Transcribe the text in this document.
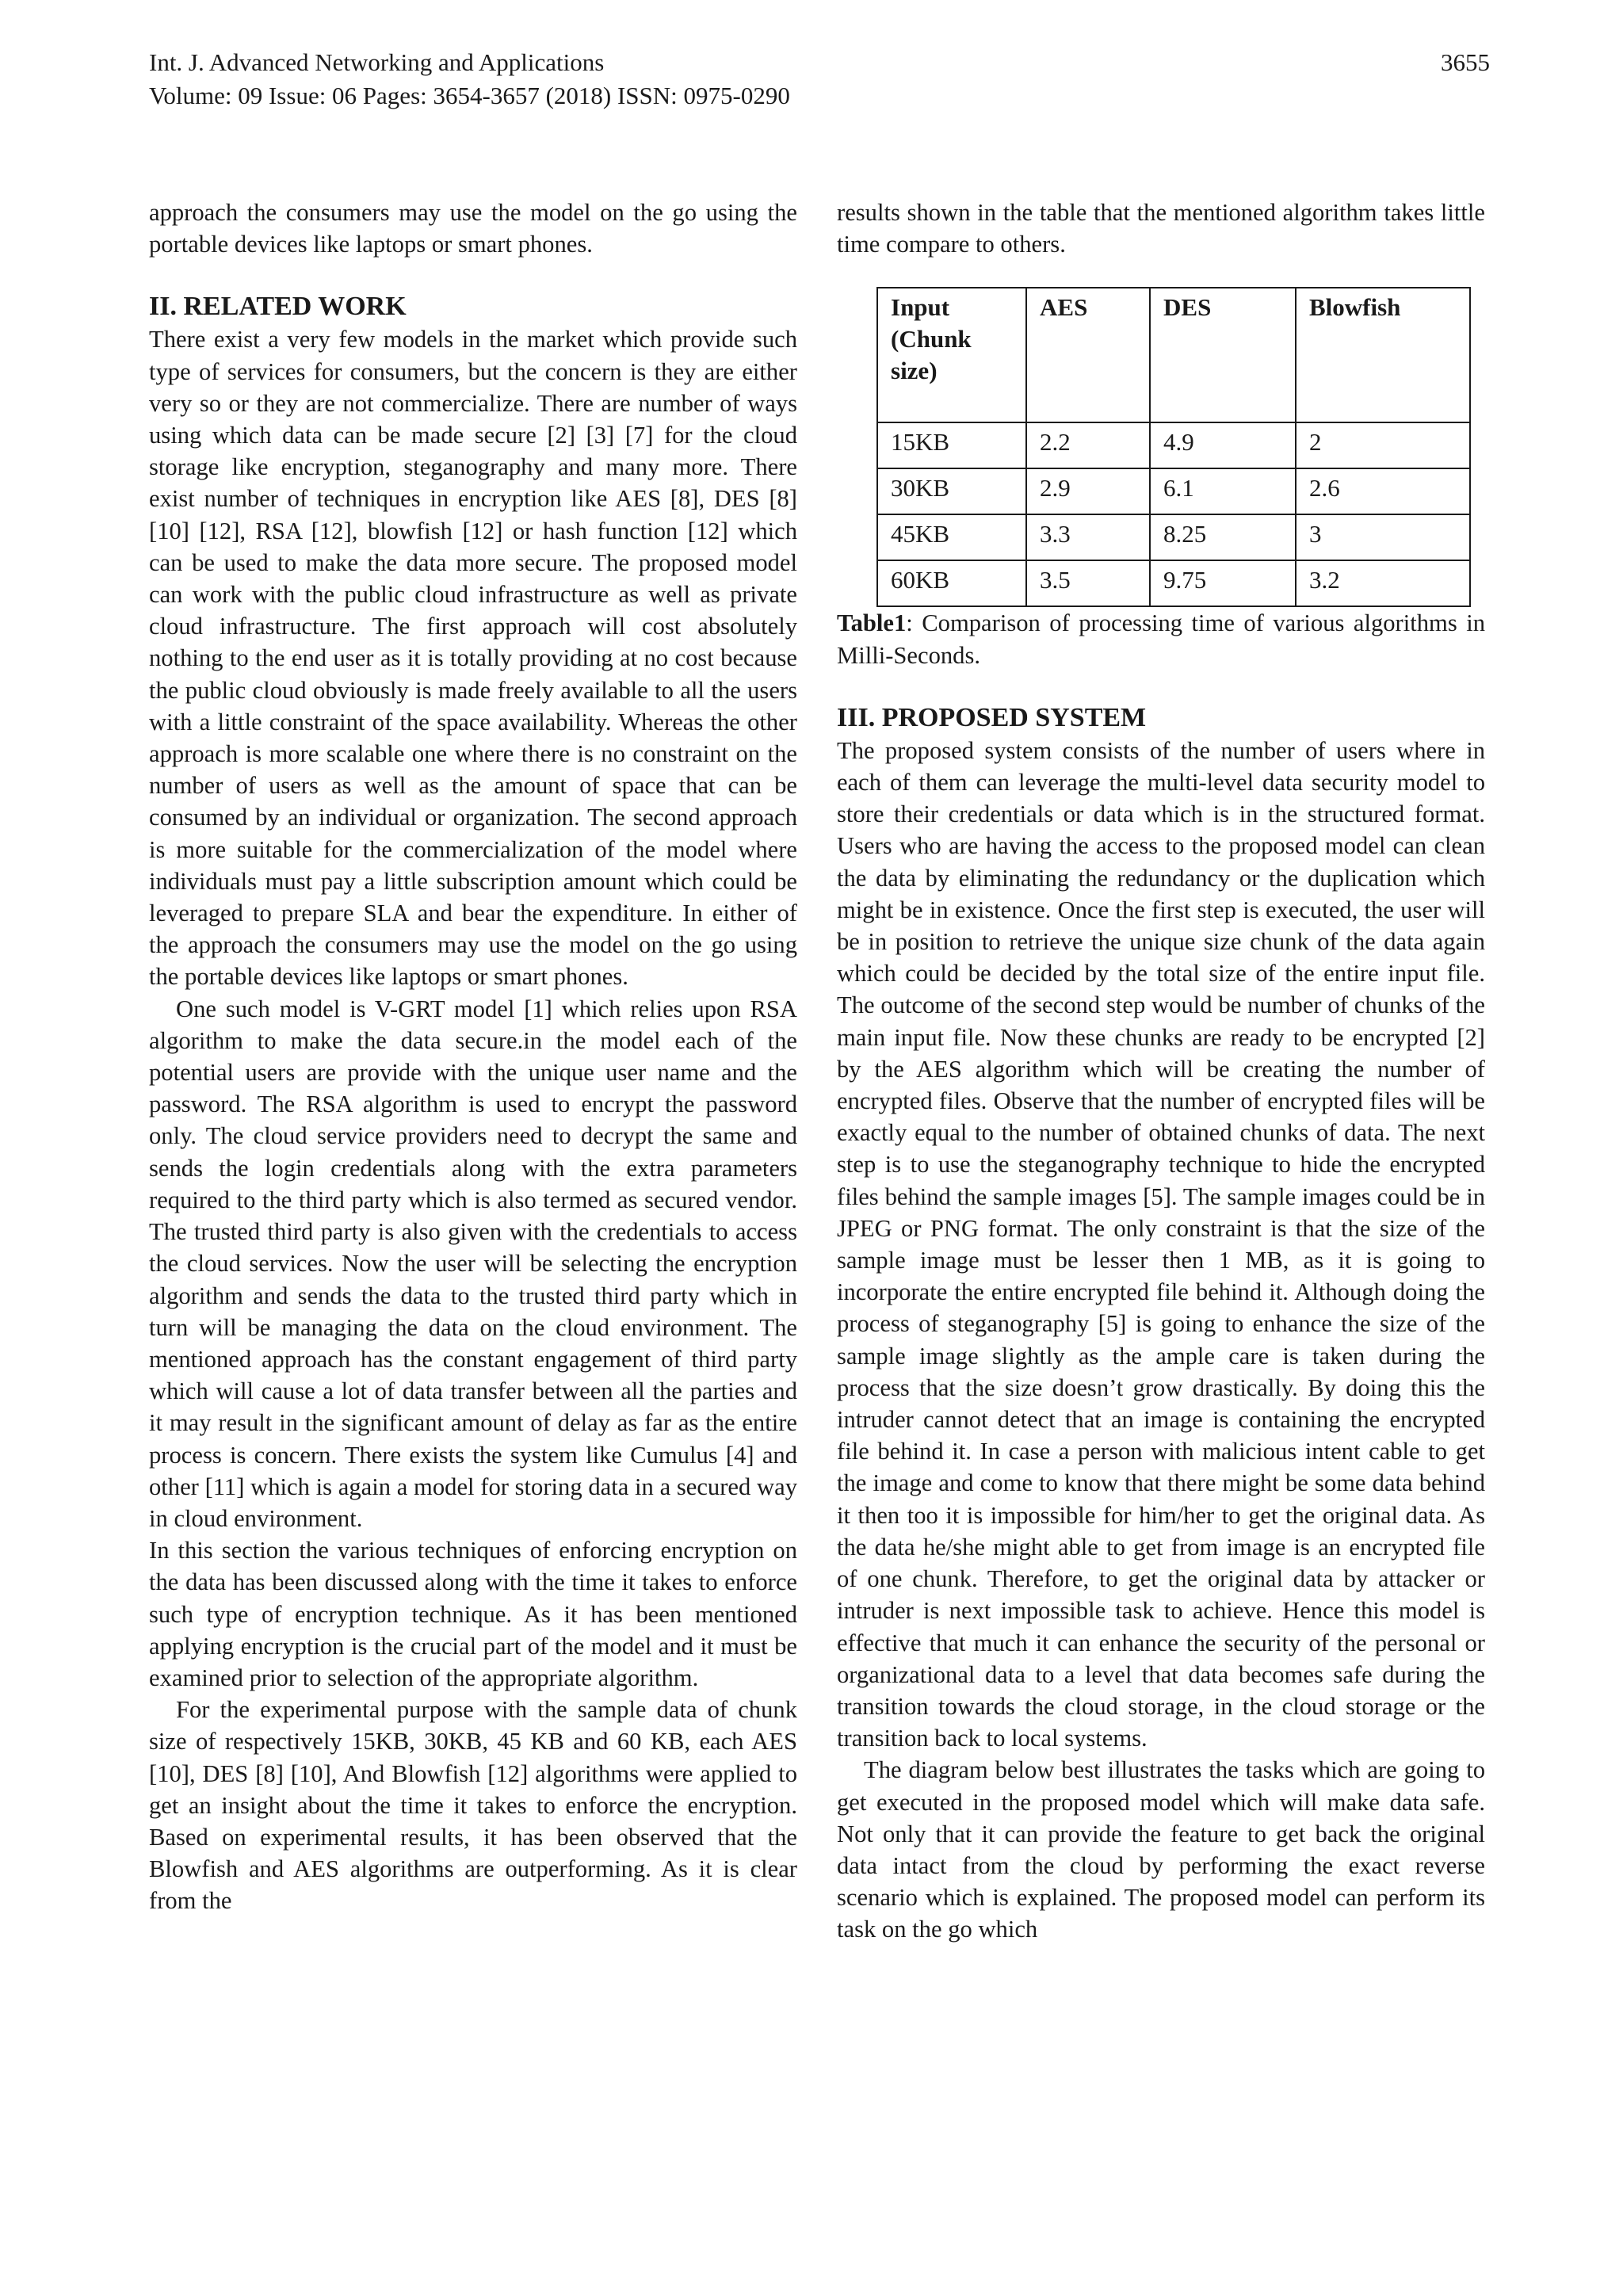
Int. J. Advanced Networking and Applications
Volume: 09 Issue: 06 Pages: 3654-3657 (2018) ISSN: 0975-0290
3655

approach the consumers may use the model on the go using the portable devices like laptops or smart phones.

II. RELATED WORK

There exist a very few models in the market which provide such type of services for consumers, but the concern is they are either very so or they are not commercialize. There are number of ways using which data can be made secure [2] [3] [7] for the cloud storage like encryption, steganography and many more. There exist number of techniques in encryption like AES [8], DES [8] [10] [12], RSA [12], blowfish [12] or hash function [12] which can be used to make the data more secure. The proposed model can work with the public cloud infrastructure as well as private cloud infrastructure. The first approach will cost absolutely nothing to the end user as it is totally providing at no cost because the public cloud obviously is made freely available to all the users with a little constraint of the space availability. Whereas the other approach is more scalable one where there is no constraint on the number of users as well as the amount of space that can be consumed by an individual or organization. The second approach is more suitable for the commercialization of the model where individuals must pay a little subscription amount which could be leveraged to prepare SLA and bear the expenditure. In either of the approach the consumers may use the model on the go using the portable devices like laptops or smart phones.

One such model is V-GRT model [1] which relies upon RSA algorithm to make the data secure.in the model each of the potential users are provide with the unique user name and the password. The RSA algorithm is used to encrypt the password only. The cloud service providers need to decrypt the same and sends the login credentials along with the extra parameters required to the third party which is also termed as secured vendor. The trusted third party is also given with the credentials to access the cloud services. Now the user will be selecting the encryption algorithm and sends the data to the trusted third party which in turn will be managing the data on the cloud environment. The mentioned approach has the constant engagement of third party which will cause a lot of data transfer between all the parties and it may result in the significant amount of delay as far as the entire process is concern. There exists the system like Cumulus [4] and other [11] which is again a model for storing data in a secured way in cloud environment.

In this section the various techniques of enforcing encryption on the data has been discussed along with the time it takes to enforce such type of encryption technique. As it has been mentioned applying encryption is the crucial part of the model and it must be examined prior to selection of the appropriate algorithm.

For the experimental purpose with the sample data of chunk size of respectively 15KB, 30KB, 45 KB and 60 KB, each AES [10], DES [8] [10], And Blowfish [12] algorithms were applied to get an insight about the time it takes to enforce the encryption. Based on experimental results, it has been observed that the Blowfish and AES algorithms are outperforming. As it is clear from the

results shown in the table that the mentioned algorithm takes little time compare to others.

Input (Chunk size)	AES	DES	Blowfish
15KB	2.2	4.9	2
30KB	2.9	6.1	2.6
45KB	3.3	8.25	3
60KB	3.5	9.75	3.2

Table1: Comparison of processing time of various algorithms in Milli-Seconds.

III. PROPOSED SYSTEM

The proposed system consists of the number of users where in each of them can leverage the multi-level data security model to store their credentials or data which is in the structured format. Users who are having the access to the proposed model can clean the data by eliminating the redundancy or the duplication which might be in existence. Once the first step is executed, the user will be in position to retrieve the unique size chunk of the data again which could be decided by the total size of the entire input file. The outcome of the second step would be number of chunks of the main input file. Now these chunks are ready to be encrypted [2] by the AES algorithm which will be creating the number of encrypted files. Observe that the number of encrypted files will be exactly equal to the number of obtained chunks of data. The next step is to use the steganography technique to hide the encrypted files behind the sample images [5]. The sample images could be in JPEG or PNG format. The only constraint is that the size of the sample image must be lesser then 1 MB, as it is going to incorporate the entire encrypted file behind it. Although doing the process of steganography [5] is going to enhance the size of the sample image slightly as the ample care is taken during the process that the size doesn’t grow drastically. By doing this the intruder cannot detect that an image is containing the encrypted file behind it. In case a person with malicious intent cable to get the image and come to know that there might be some data behind it then too it is impossible for him/her to get the original data. As the data he/she might able to get from image is an encrypted file of one chunk. Therefore, to get the original data by attacker or intruder is next impossible task to achieve. Hence this model is effective that much it can enhance the security of the personal or organizational data to a level that data becomes safe during the transition towards the cloud storage, in the cloud storage or the transition back to local systems.

The diagram below best illustrates the tasks which are going to get executed in the proposed model which will make data safe. Not only that it can provide the feature to get back the original data intact from the cloud by performing the exact reverse scenario which is explained. The proposed model can perform its task on the go which
